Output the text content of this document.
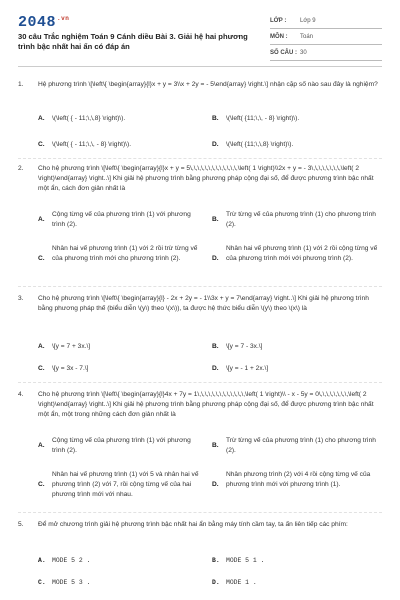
$2048^{.vn}$
30 câu Trắc nghiệm Toán 9 Cánh diều Bài 3. Giải hệ hai phương trình bậc nhất hai ẩn có đáp án
LỚP : Lớp 9
MÔN : Toán
SỐ CÂU : 30
1.	Hệ phương trình \[\left\{ \begin{array}{l}x + y = 3\\x + 2y = - 5\end{array} \right.\] nhận cặp số nào sau đây là nghiệm?
A. \(\left( { - 11;\,\,8} \right)\).	B. \(\left( {11;\,\, - 8} \right)\).
C. \(\left( { - 11;\,\, - 8} \right)\).	D. \(\left( {11;\,\,8} \right)\).
2.	Cho hệ phương trình \[\left\{ \begin{array}{l}x + y = 5\,\,\,\,\,\,\,\,\,\,\,\,\,\left( 1 \right)\\2x + y = - 3\,\,\,\,\,\,\,\,\left( 2 \right)\end{array} \right..\] Khi giải hệ phương trình bằng phương pháp cộng đại số, để được phương trình bậc nhất một ẩn, cách đơn giản nhất là
A.
Cộng từng vế của phương trình (1) với phương trình (2).
B.
Trừ từng vế của phương trình (1) cho phương trình (2).
C.
Nhân hai vế phương trình (1) với 2 rồi trừ từng vế của phương trình mới cho phương trình (2).	D.
Nhân hai vế phương trình (1) với 2 rồi cộng từng vế của phương trình mới với phương trình (2).
3.	Cho hệ phương trình \[\left\{ \begin{array}{l} - 2x + 2y = - 1\\3x + y = 7\end{array} \right..\] Khi giải hệ phương trình bằng phương pháp thế (biểu diễn \(y\) theo \(x\)), ta được hệ thức biểu diễn \(y\) theo \(x\) là
A. \[y = 7 + 3x.\]	B. \[y = 7 - 3x.\]
C. \[y = 3x - 7.\]	D. \[y = - 1 + 2x.\]
4.	Cho hệ phương trình \[\left\{ \begin{array}{l}4x + 7y = 1\,\,\,\,\,\,\,\,\,\,\,\,\,\left( 1 \right)\\ - x - 5y = 0\,\,\,\,\,\,\,\,\left( 2 \right)\end{array} \right..\] Khi giải hệ phương trình bằng phương pháp cộng đại số, để được phương trình bậc nhất một ẩn, một trong những cách đơn giản nhất là
A.
Cộng từng vế của phương trình (1) với phương trình (2).
B.
Trừ từng vế của phương trình (1) cho phương trình (2).
C.
Nhân hai vế phương trình (1) với 5 và nhân hai vế phương trình (2) với 7, rồi cộng từng vế của hai phương trình mới với nhau.
D.
Nhân phương trình (2) với 4 rồi cộng từng vế của phương trình mới với phương trình (1).
5.	Để mở chương trình giải hệ phương trình bậc nhất hai ẩn bằng máy tính cầm tay, ta ấn liên tiếp các phím:
A. MODE 5 2 .	B. MODE 5 1 .
C. MODE 5 3 .	D. MODE 1 .
